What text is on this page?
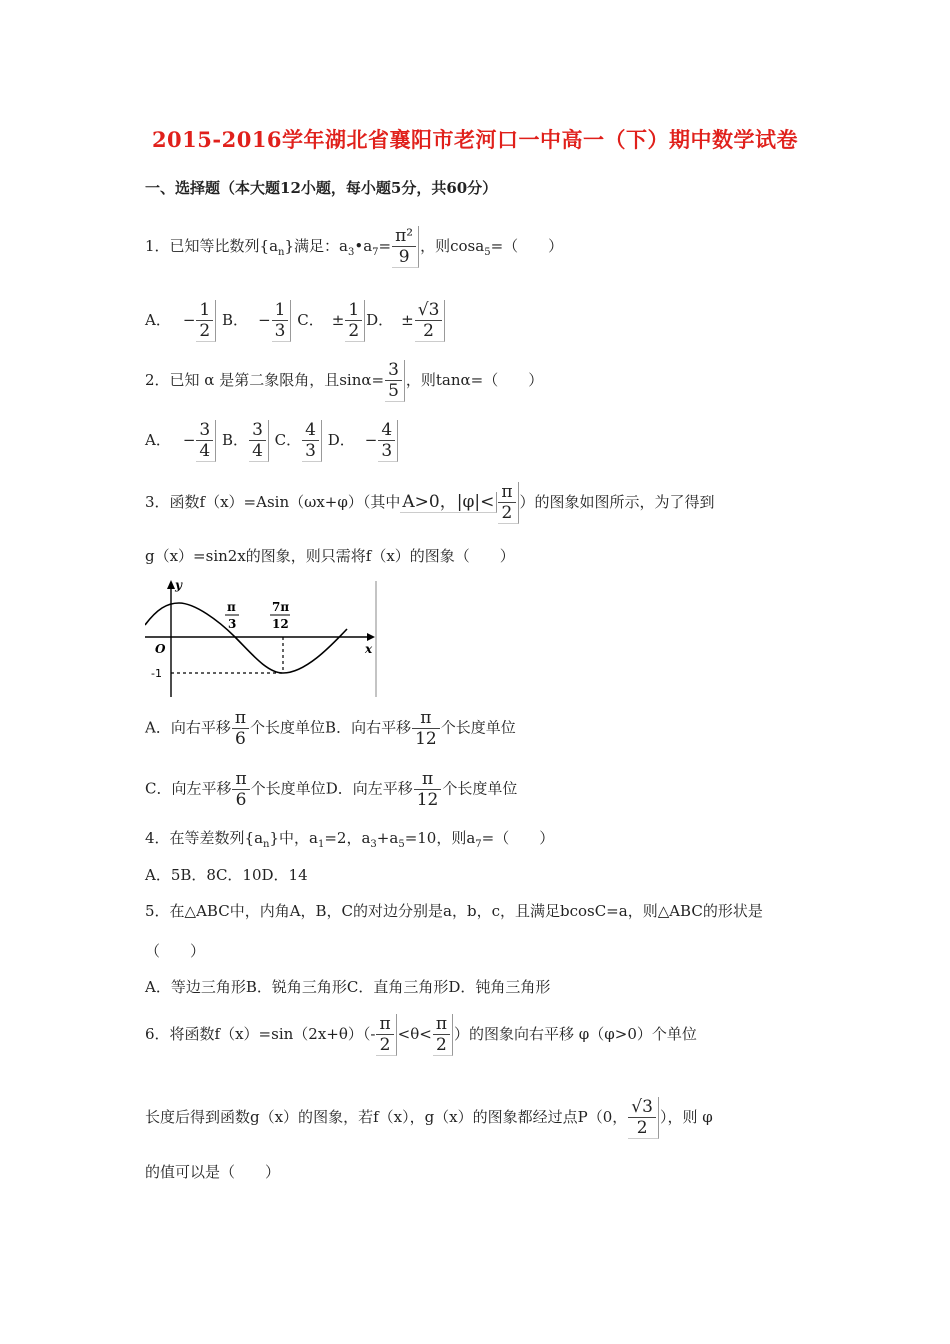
2015-2016学年湖北省襄阳市老河口一中高一（下）期中数学试卷
一、选择题（本大题12小题，每小题5分，共60分）
1．已知等比数列$\{a_n\}$满足：$a_3•a_7= \frac{\text{π²}}{9}$ ，则cosa$_5$=（　　）
A． − $\frac{1}{2}$ B． − $\frac{1}{3}$ C． ± $\frac{1}{2}$ D． ± $\frac{√3}{2}$
2．已知 α 是第二象限角，且$\sin\alpha= \frac{3}{5}$ ，则tanα=（　　）
A． − $\frac{3}{4}$ B． $\frac{3}{4}$ C． $\frac{4}{3}$ D． − $\frac{4}{3}$
3．函数f（x）=Asin（ωx+φ）（其中 A>0，$|\varphi|< \frac{\pi}{2}$ ）的图象如图所示，为了得到
g（x）=sin2x的图象，则只需将f（x）的图象（　　）
y
x
O
-1
π
3
7π
12
A．向右平移 $\frac{\pi}{6}$ 个长度单位B．向右平移 $\frac{\pi}{12}$ 个长度单位
C．向左平移 $\frac{\pi}{6}$ 个长度单位D．向左平移 $\frac{\pi}{12}$ 个长度单位
4．在等差数列$\{a_n\}$中，$a_1=2$，$a_3+a_5=10$，则$a_7=$（　　）
A．5B．8C．10D．14
5．在△ABC中，内角A，B，C的对边分别是a，b，c，且满足bcosC=a，则△ABC的形状是
（　　）
A．等边三角形B．锐角三角形C．直角三角形D．钝角三角形
6．将函数$f(x)=\sin(2x+\theta)(- \frac{\pi}{2} <\theta< \frac{\pi}{2}$ ）的图象向右平移 φ（φ>0）个单位
长度后得到函数g（x）的图象，若f（x），g（x）的图象都经过点P（0， $\frac{√3}{2}$ ），则 φ
的值可以是（　　）
